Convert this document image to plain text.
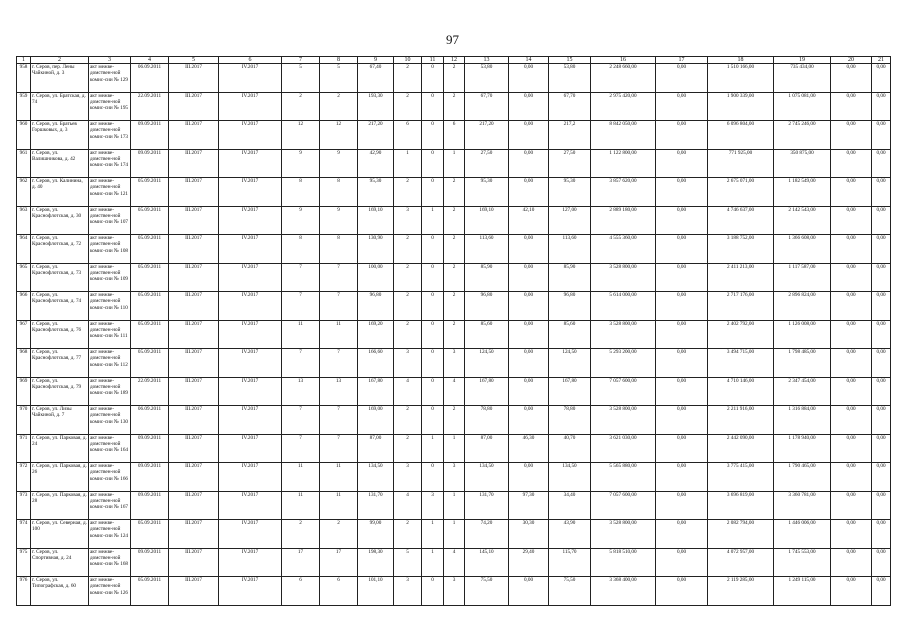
97
1	2	3	4	5	6	7	8	9	10	11	12	13	14	15	16	17	18	19	20	21
958	г. Серов, пер. Лены Чайкиной, д. 3	акт межве-домствен-ной комис-сии № 129	06.09.2011	III.2017	IV.2017	5	5	67,40	2	0	2	53,80	0,00	53,80	2 248 660,00	0,00	1 510 166,00	735 434,00	0,00	0,00
959	г. Серов, ул. Братская, д. 74	акт межве-домствен-ной комис-сии № 195	22.09.2011	III.2017	IV.2017	2	2	193,30	2	0	2	67,70	0,00	67,70	2 975 420,00	0,00	1 900 339,00	1 075 081,00	0,00	0,00
960	г. Серов, ул. Братьев Горшковых, д. 3	акт межве-домствен-ной комис-сии № 173	09.09.2011	III.2017	IV.2017	12	12	217,20	6	0	6	217,20	0,00	217,2	8 842 050,00	0,00	6 096 804,00	2 745 246,00	0,00	0,00
961	г. Серов, ул. Валишникова, д. 42	акт межве-домствен-ной комис-сии № 174	09.09.2011	III.2017	IV.2017	9	9	42,90	1	0	1	27,50	0,00	27,50	1 122 800,00	0,00	771 925,00	350 875,00	0,00	0,00
962	г. Серов, ул. Калинина, д. 40	акт межве-домствен-ной комис-сии № 121	05.09.2011	III.2017	IV.2017	8	8	95,30	2	0	2	95,30	0,00	95,30	3 857 620,00	0,00	2 675 071,00	1 182 549,00	0,00	0,00
963	г. Серов, ул. Краснофлотская, д. 30	акт межве-домствен-ной комис-сии № 107	05.09.2011	III.2017	IV.2017	9	9	169,10	3	1	2	169,10	42,10	127,00	2 889 180,00	0,00	4 746 637,00	2 142 543,00	0,00	0,00
964	г. Серов, ул. Краснофлотская, д. 72	акт межве-домствен-ной комис-сии № 108	05.09.2011	III.2017	IV.2017	8	8	130,90	2	0	2	113,60	0,00	113,60	4 555 360,00	0,00	3 188 752,00	1 366 608,00	0,00	0,00
965	г. Серов, ул. Краснофлотская, д. 73	акт межве-домствен-ной комис-сии № 109	05.09.2011	III.2017	IV.2017	7	7	100,00	2	0	2	85,90	0,00	85,90	3 528 800,00	0,00	2 411 213,00	1 117 587,00	0,00	0,00
966	г. Серов, ул. Краснофлотская, д. 74	акт межве-домствен-ной комис-сии № 110	05.09.2011	III.2017	IV.2017	7	7	96,80	2	0	2	96,80	0,00	96,80	5 614 000,00	0,00	2 717 176,00	2 896 824,00	0,00	0,00
967	г. Серов, ул. Краснофлотская, д. 76	акт межве-домствен-ной комис-сии № 111	05.09.2011	III.2017	IV.2017	11	11	169,20	2	0	2	85,60	0,00	85,60	3 528 800,00	0,00	2 402 792,00	1 126 008,00	0,00	0,00
968	г. Серов, ул. Краснофлотская, д. 77	акт межве-домствен-ной комис-сии № 112	05.09.2011	III.2017	IV.2017	7	7	166,60	3	0	3	124,50	0,00	124,50	5 293 200,00	0,00	3 494 715,00	1 798 485,00	0,00	0,00
969	г. Серов, ул. Краснофлотская, д. 79	акт межве-домствен-ной комис-сии № 189	22.09.2011	III.2017	IV.2017	13	13	167,80	4	0	4	167,80	0,00	167,80	7 057 600,00	0,00	4 710 146,00	2 347 454,00	0,00	0,00
970	г. Серов, ул. Лизы Чайкиной, д. 7	акт межве-домствен-ной комис-сии № 130	06.09.2011	III.2017	IV.2017	7	7	169,00	2	0	2	78,80	0,00	78,80	3 528 800,00	0,00	2 211 916,00	1 316 884,00	0,00	0,00
971	г. Серов, ул. Парковая, д. 24	акт межве-домствен-ной комис-сии № 164	09.09.2011	III.2017	IV.2017	7	7	87,00	2	1	1	87,00	46,30	40,70	3 621 030,00	0,00	2 442 090,00	1 178 940,00	0,00	0,00
972	г. Серов, ул. Парковая, д. 26	акт межве-домствен-ной комис-сии № 166	09.09.2011	III.2017	IV.2017	11	11	134,50	3	0	3	134,50	0,00	134,50	5 565 880,00	0,00	3 775 415,00	1 790 465,00	0,00	0,00
973	г. Серов, ул. Парковая, д. 28	акт межве-домствен-ной комис-сии № 167	09.09.2011	III.2017	IV.2017	11	11	131,70	4	3	1	131,70	97,30	34,40	7 057 600,00	0,00	3 696 819,00	3 360 781,00	0,00	0,00
974	г. Серов, ул. Северная, д. 100	акт межве-домствен-ной комис-сии № 124	05.09.2011	III.2017	IV.2017	2	2	99,00	2	1	1	74,20	30,30	43,90	3 528 800,00	0,00	2 082 794,00	1 446 006,00	0,00	0,00
975	г. Серов, ул. Спортивная, д. 24	акт межве-домствен-ной комис-сии № 168	09.09.2011	III.2017	IV.2017	17	17	198,30	5	1	4	145,10	29,40	115,70	5 818 510,00	0,00	4 072 957,00	1 745 553,00	0,00	0,00
976	г. Серов, ул. Типографская, д. 60	акт межве-домствен-ной комис-сии № 126	05.09.2011	III.2017	IV.2017	6	6	101,10	3	0	3	75,50	0,00	75,50	3 368 400,00	0,00	2 119 285,00	1 249 115,00	0,00	0,00
